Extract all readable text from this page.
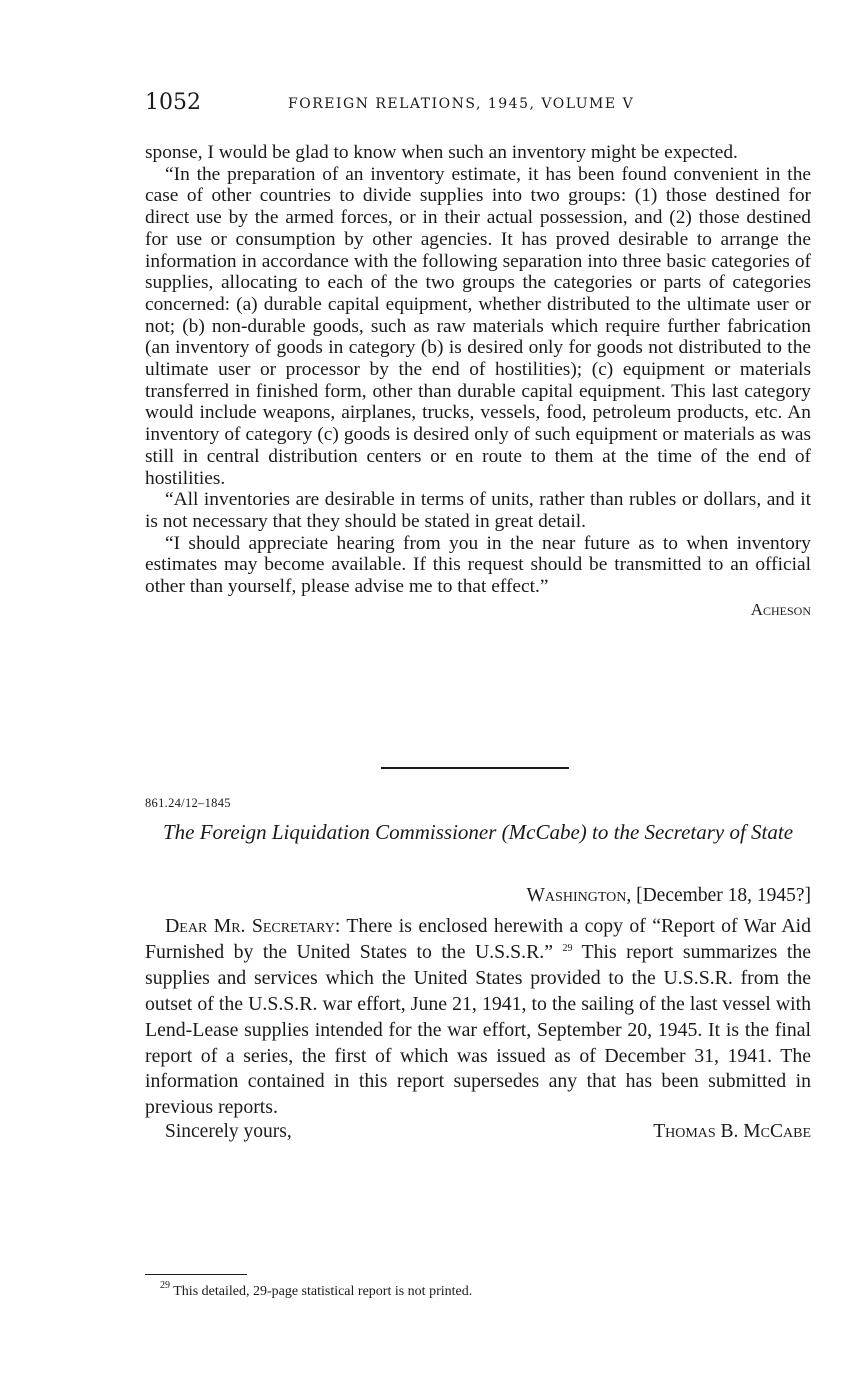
1052	FOREIGN RELATIONS, 1945, VOLUME V

sponse, I would be glad to know when such an inventory might be expected.

“In the preparation of an inventory estimate, it has been found convenient in the case of other countries to divide supplies into two groups: (1) those destined for direct use by the armed forces, or in their actual possession, and (2) those destined for use or consumption by other agencies. It has proved desirable to arrange the information in accordance with the following separation into three basic categories of supplies, allocating to each of the two groups the categories or parts of categories concerned: (a) durable capital equipment, whether distributed to the ultimate user or not; (b) non-durable goods, such as raw materials which require further fabrication (an inventory of goods in category (b) is desired only for goods not distributed to the ultimate user or processor by the end of hostilities); (c) equipment or materials transferred in finished form, other than durable capital equipment. This last category would include weapons, airplanes, trucks, vessels, food, petroleum products, etc. An inventory of category (c) goods is desired only of such equipment or materials as was still in central distribution centers or en route to them at the time of the end of hostilities.

“All inventories are desirable in terms of units, rather than rubles or dollars, and it is not necessary that they should be stated in great detail.

“I should appreciate hearing from you in the near future as to when inventory estimates may become available. If this request should be transmitted to an official other than yourself, please advise me to that effect.”

Acheson
861.24/12–1845
The Foreign Liquidation Commissioner (McCabe) to the Secretary of State
Washington, [December 18, 1945?]

Dear Mr. Secretary: There is enclosed herewith a copy of “Report of War Aid Furnished by the United States to the U.S.S.R.” $^{29}$ This report summarizes the supplies and services which the United States provided to the U.S.S.R. from the outset of the U.S.S.R. war effort, June 21, 1941, to the sailing of the last vessel with Lend-Lease supplies intended for the war effort, September 20, 1945. It is the final report of a series, the first of which was issued as of December 31, 1941. The information contained in this report supersedes any that has been submitted in previous reports.

Sincerely yours,	Thomas B. McCabe
$^{29}$ This detailed, 29-page statistical report is not printed.
